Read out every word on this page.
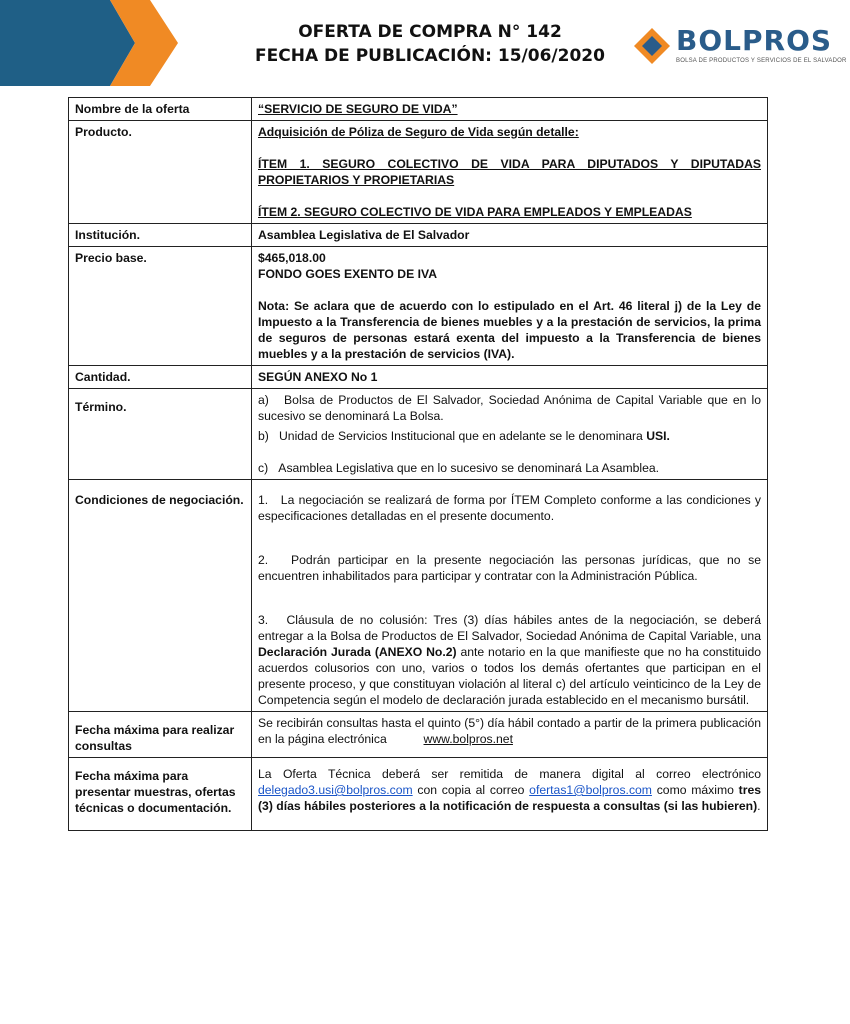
OFERTA DE COMPRA N° 142
FECHA DE PUBLICACIÓN: 15/06/2020	BOLPROS
BOLSA DE PRODUCTOS Y SERVICIOS DE EL SALVADOR
Nombre de la oferta	“SERVICIO DE SEGURO DE VIDA”
Producto.	Adquisición de Póliza de Seguro de Vida según detalle:
ÍTEM 1. SEGURO COLECTIVO DE VIDA PARA DIPUTADOS Y DIPUTADAS PROPIETARIOS Y PROPIETARIAS
ÍTEM 2. SEGURO COLECTIVO DE VIDA PARA EMPLEADOS Y EMPLEADAS

Institución.	Asamblea Legislativa de El Salvador
Precio base.	$465,018.00
FONDO GOES EXENTO DE IVA
Nota: Se aclara que de acuerdo con lo estipulado en el Art. 46 literal j) de la Ley de Impuesto a la Transferencia de bienes muebles y a la prestación de servicios, la prima de seguros de personas estará exenta del impuesto a la Transferencia de bienes muebles y a la prestación de servicios (IVA).

Cantidad.	SEGÚN ANEXO No 1
Término.	a)   Bolsa de Productos de El Salvador, Sociedad Anónima de Capital Variable que en lo sucesivo se denominará La Bolsa.
b)   Unidad de Servicios Institucional que en adelante se le denominara USI.
c)   Asamblea Legislativa que en lo sucesivo se denominará La Asamblea.

Condiciones de negociación.	1.   La negociación se realizará de forma por ÍTEM Completo conforme a las condiciones y especificaciones detalladas en el presente documento.
2.   Podrán participar en la presente negociación las personas jurídicas, que no se encuentren inhabilitados para participar y contratar con la Administración Pública.
3.   Cláusula de no colusión: Tres (3) días hábiles antes de la negociación, se deberá entregar a la Bolsa de Productos de El Salvador, Sociedad Anónima de Capital Variable, una Declaración Jurada (ANEXO No.2) ante notario en la que manifieste que no ha constituido acuerdos colusorios con uno, varios o todos los demás ofertantes que participan en el presente proceso, y que constituyan violación al literal c) del artículo veinticinco de la Ley de Competencia según el modelo de declaración jurada establecido en el mecanismo bursátil.

Fecha máxima para realizar consultas	Se recibirán consultas hasta el quinto (5°) día hábil contado a partir de la primera publicación en la página electrónica www.bolpros.net
Fecha máxima para presentar muestras, ofertas técnicas o documentación.	La Oferta Técnica deberá ser remitida de manera digital al correo electrónico delegado3.usi@bolpros.com con copia al correo ofertas1@bolpros.com como máximo tres (3) días hábiles posteriores a la notificación de respuesta a consultas (si las hubieren).
